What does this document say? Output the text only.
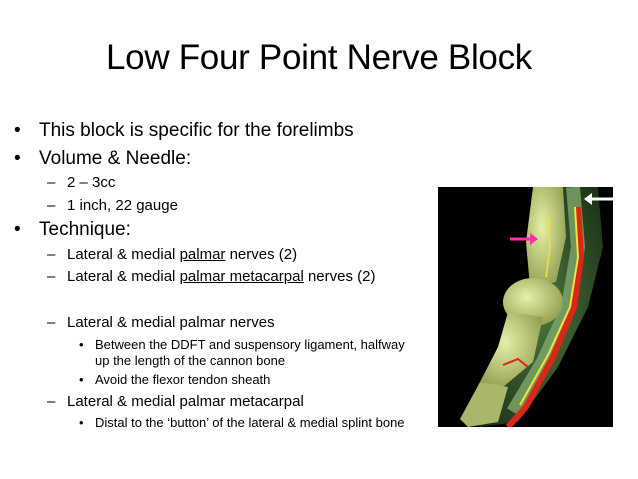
Low Four Point Nerve Block
• This block is specific for the forelimbs
• Volume & Needle:
– 2 – 3cc
– 1 inch, 22 gauge
• Technique:
– Lateral & medial palmar nerves (2)
– Lateral & medial palmar metacarpal nerves (2)
– Lateral & medial palmar nerves
• Between the DDFT and suspensory ligament, halfway up the length of the cannon bone
• Avoid the flexor tendon sheath
– Lateral & medial palmar metacarpal
• Distal to the ‘button’ of the lateral & medial splint bone
